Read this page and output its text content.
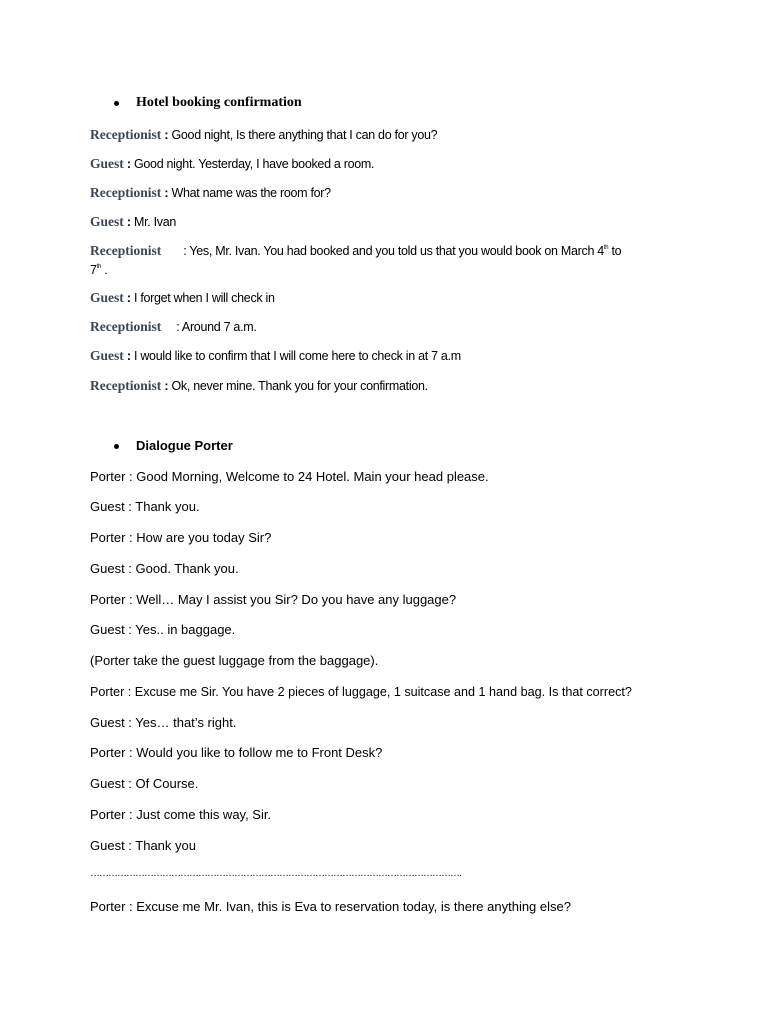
Hotel booking confirmation
Receptionist : Good night, Is there anything that I can do for you?
Guest : Good night. Yesterday, I have booked a room.
Receptionist : What name was the room for?
Guest : Mr. Ivan
Receptionist : Yes, Mr. Ivan. You had booked and you told us that you would book on March 4th to
7th .
Guest : I forget when I will check in
Receptionist : Around 7 a.m.
Guest : I would like to confirm that I will come here to check in at 7 a.m
Receptionist : Ok, never mine. Thank you for your confirmation.
Dialogue Porter
Porter : Good Morning, Welcome to 24 Hotel. Main your head please.
Guest : Thank you.
Porter : How are you today Sir?
Guest : Good. Thank you.
Porter : Well… May I assist you Sir? Do you have any luggage?
Guest : Yes.. in baggage.
(Porter take the guest luggage from the baggage).
Porter : Excuse me Sir. You have 2 pieces of luggage, 1 suitcase and 1 hand bag. Is that correct?
Guest : Yes… that’s right.
Porter : Would you like to follow me to Front Desk?
Guest : Of Course.
Porter : Just come this way, Sir.
Guest : Thank you
…………………………………………………………………………………………………………….
Porter : Excuse me Mr. Ivan, this is Eva to reservation today, is there anything else?
